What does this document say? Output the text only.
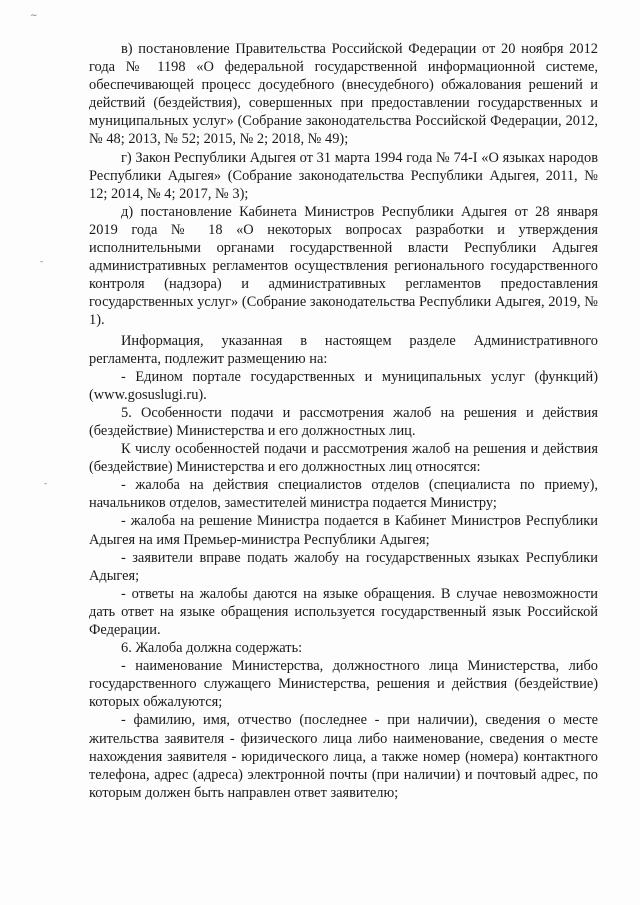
∼
-
-

в) постановление Правительства Российской Федерации от 20 ноября 2012 года № 1198 «О федеральной государственной информационной системе, обеспечивающей процесс досудебного (внесудебного) обжалования решений и действий (бездействия), совершенных при предоставлении государственных и муниципальных услуг» (Собрание законодательства Российской Федерации, 2012, № 48; 2013, № 52; 2015, № 2; 2018, № 49);

г) Закон Республики Адыгея от 31 марта 1994 года № 74-I «О языках народов Республики Адыгея» (Собрание законодательства Республики Адыгея, 2011, № 12; 2014, № 4; 2017, № 3);

д) постановление Кабинета Министров Республики Адыгея от 28 января 2019 года № 18 «О некоторых вопросах разработки и утверждения исполнительными органами государственной власти Республики Адыгея административных регламентов осуществления регионального государственного контроля (надзора) и административных регламентов предоставления государственных услуг» (Собрание законодательства Республики Адыгея, 2019, № 1).

Информация, указанная в настоящем разделе Административного регламента, подлежит размещению на:

- Едином портале государственных и муниципальных услуг (функций) (www.gosuslugi.ru).

5. Особенности подачи и рассмотрения жалоб на решения и действия (бездействие) Министерства и его должностных лиц.

К числу особенностей подачи и рассмотрения жалоб на решения и действия (бездействие) Министерства и его должностных лиц относятся:

- жалоба на действия специалистов отделов (специалиста по приему), начальников отделов, заместителей министра подается Министру;

- жалоба на решение Министра подается в Кабинет Министров Республики Адыгея на имя Премьер-министра Республики Адыгея;

- заявители вправе подать жалобу на государственных языках Республики Адыгея;

- ответы на жалобы даются на языке обращения. В случае невозможности дать ответ на языке обращения используется государственный язык Российской Федерации.

6. Жалоба должна содержать:

- наименование Министерства, должностного лица Министерства, либо государственного служащего Министерства, решения и действия (бездействие) которых обжалуются;

- фамилию, имя, отчество (последнее - при наличии), сведения о месте жительства заявителя - физического лица либо наименование, сведения о месте нахождения заявителя - юридического лица, а также номер (номера) контактного телефона, адрес (адреса) электронной почты (при наличии) и почтовый адрес, по которым должен быть направлен ответ заявителю;
